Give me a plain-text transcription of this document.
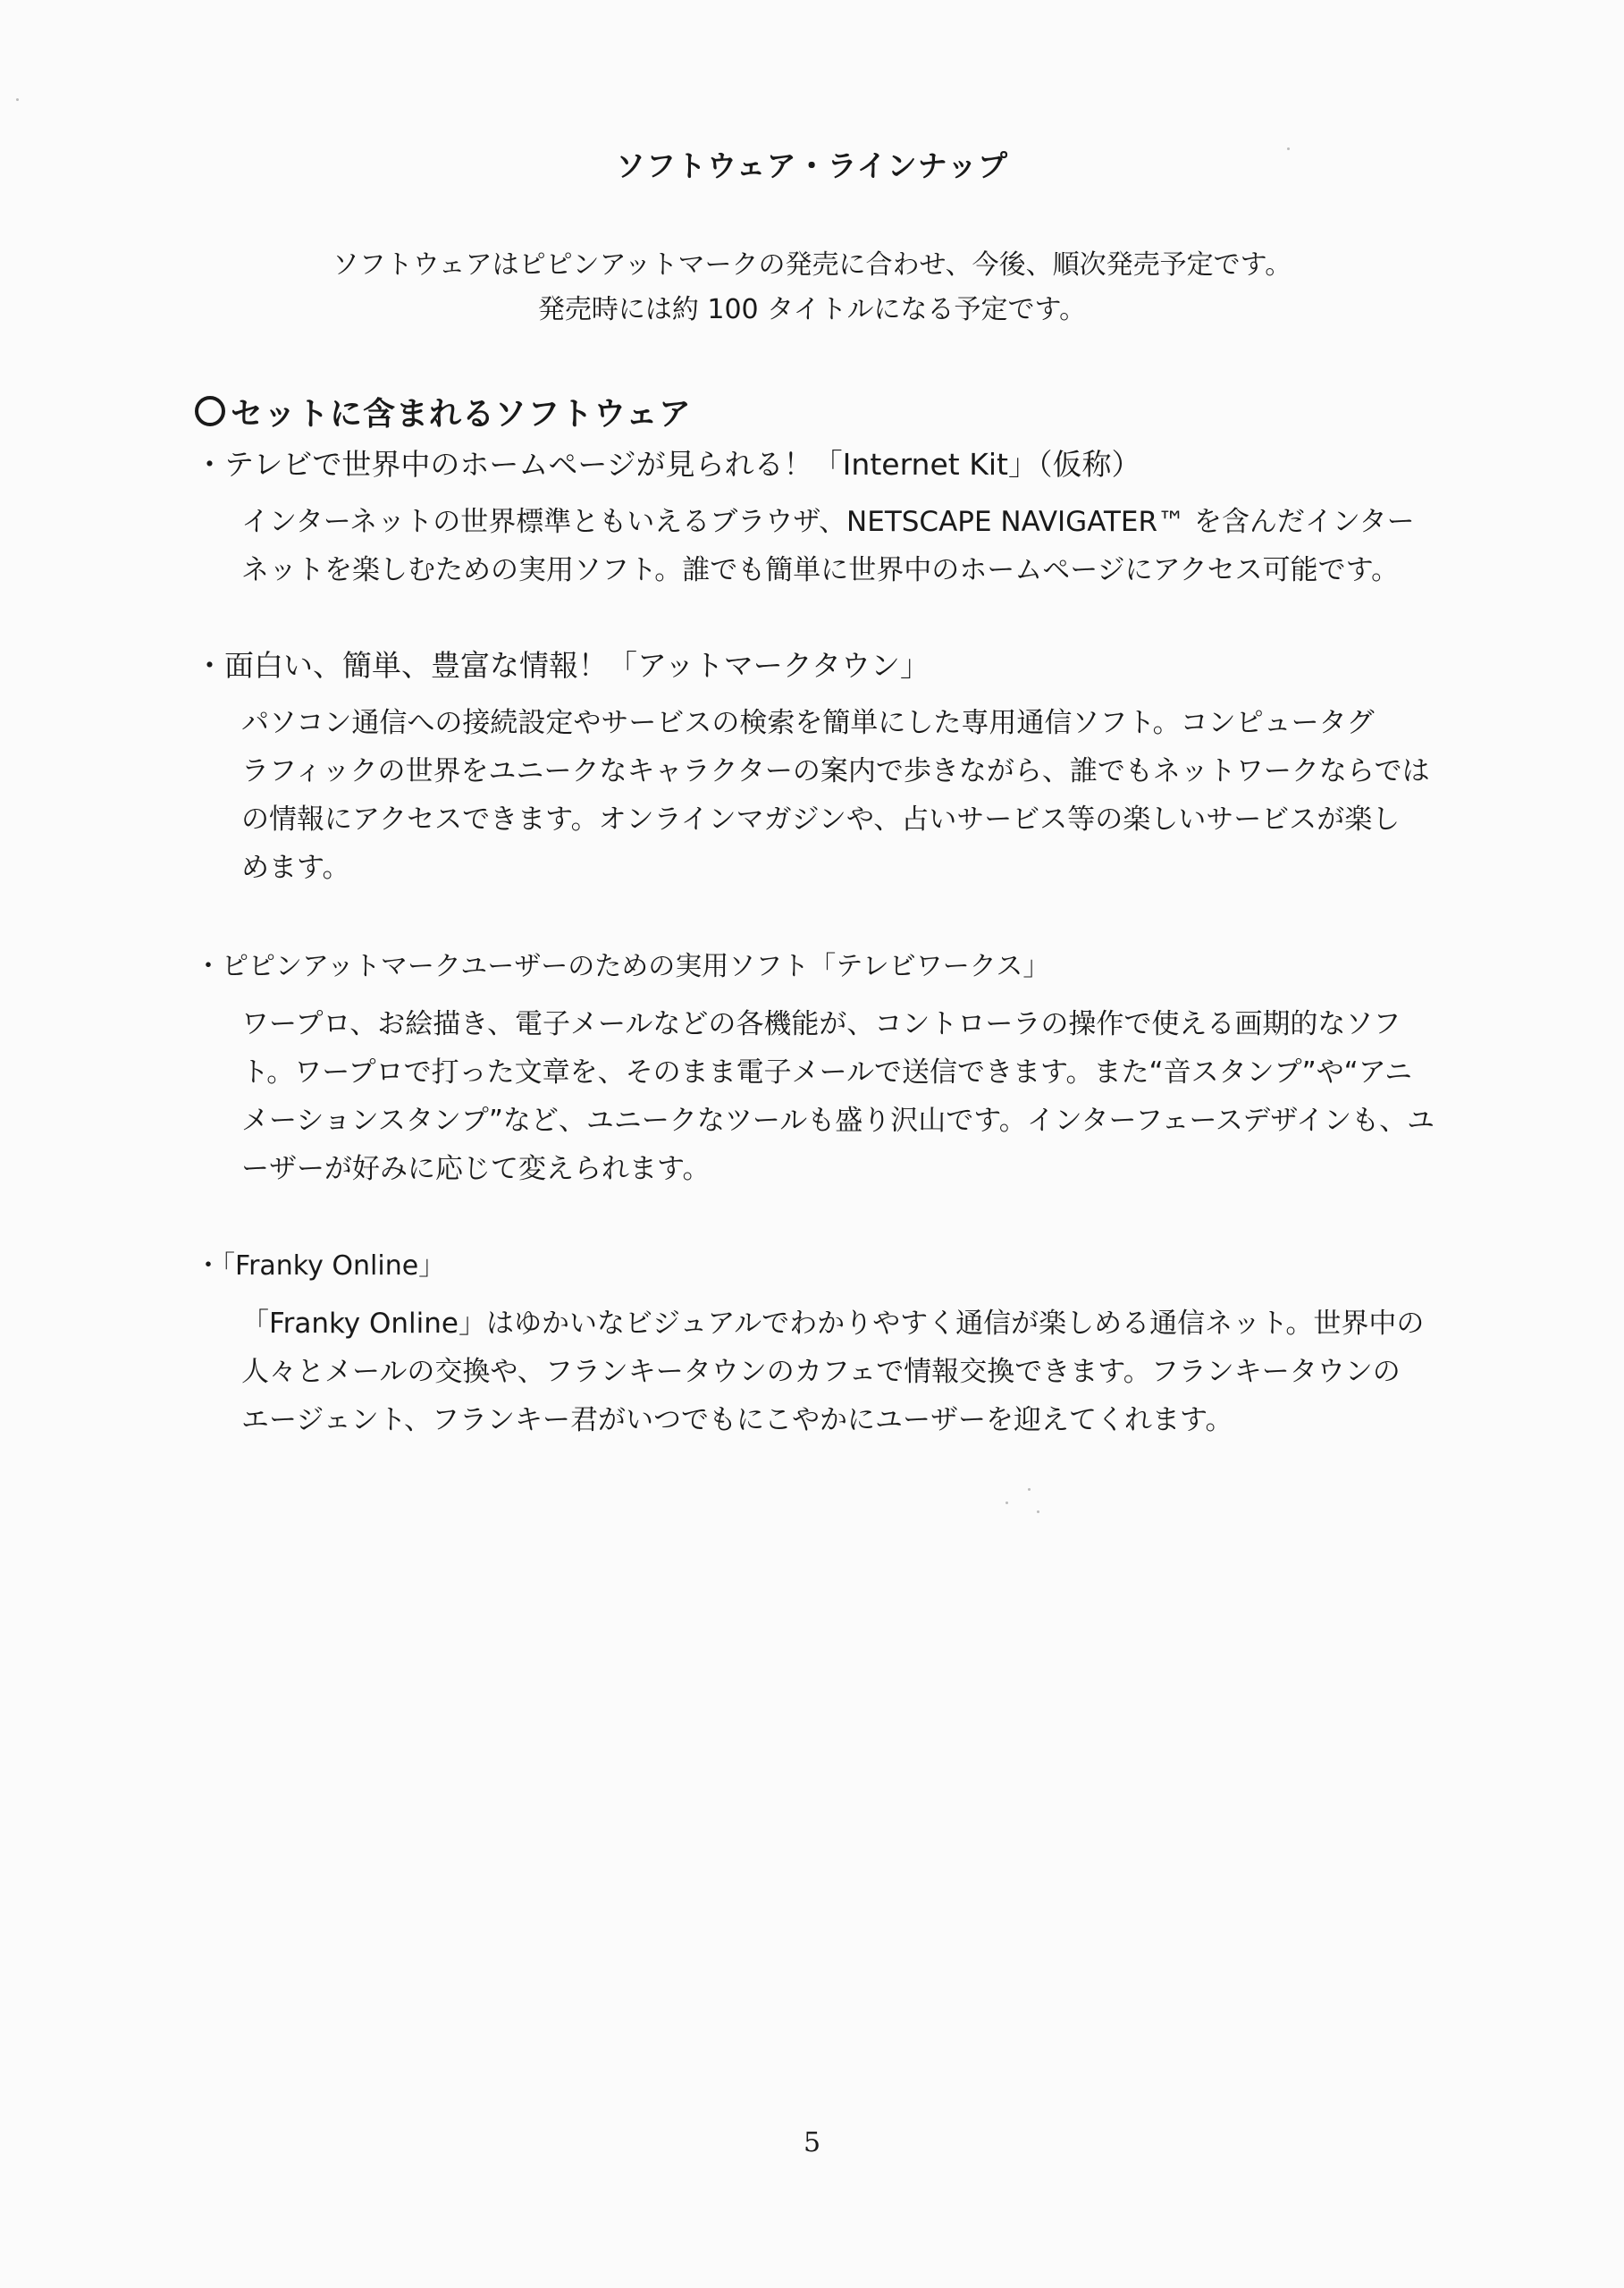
ソフトウェア・ラインナップ
ソフトウェアはピピンアットマークの発売に合わせ、今後、順次発売予定です。
発売時には約 100 タイトルになる予定です。
セットに含まれるソフトウェア
・テレビで世界中のホームページが見られる！「Internet Kit」（仮称）
インターネットの世界標準ともいえるブラウザ、NETSCAPE NAVIGATER™ を含んだインター
ネットを楽しむための実用ソフト。誰でも簡単に世界中のホームページにアクセス可能です。
・面白い、簡単、豊富な情報！「アットマークタウン」
パソコン通信への接続設定やサービスの検索を簡単にした専用通信ソフト。コンピュータグ
ラフィックの世界をユニークなキャラクターの案内で歩きながら、誰でもネットワークならでは
の情報にアクセスできます。オンラインマガジンや、占いサービス等の楽しいサービスが楽し
めます。
・ピピンアットマークユーザーのための実用ソフト「テレビワークス」
ワープロ、お絵描き、電子メールなどの各機能が、コントローラの操作で使える画期的なソフ
ト。ワープロで打った文章を、そのまま電子メールで送信できます。また“音スタンプ”や“アニ
メーションスタンプ”など、ユニークなツールも盛り沢山です。インターフェースデザインも、ユ
ーザーが好みに応じて変えられます。
・「Franky Online」
「Franky Online」はゆかいなビジュアルでわかりやすく通信が楽しめる通信ネット。世界中の
人々とメールの交換や、フランキータウンのカフェで情報交換できます。フランキータウンの
エージェント、フランキー君がいつでもにこやかにユーザーを迎えてくれます。
5
